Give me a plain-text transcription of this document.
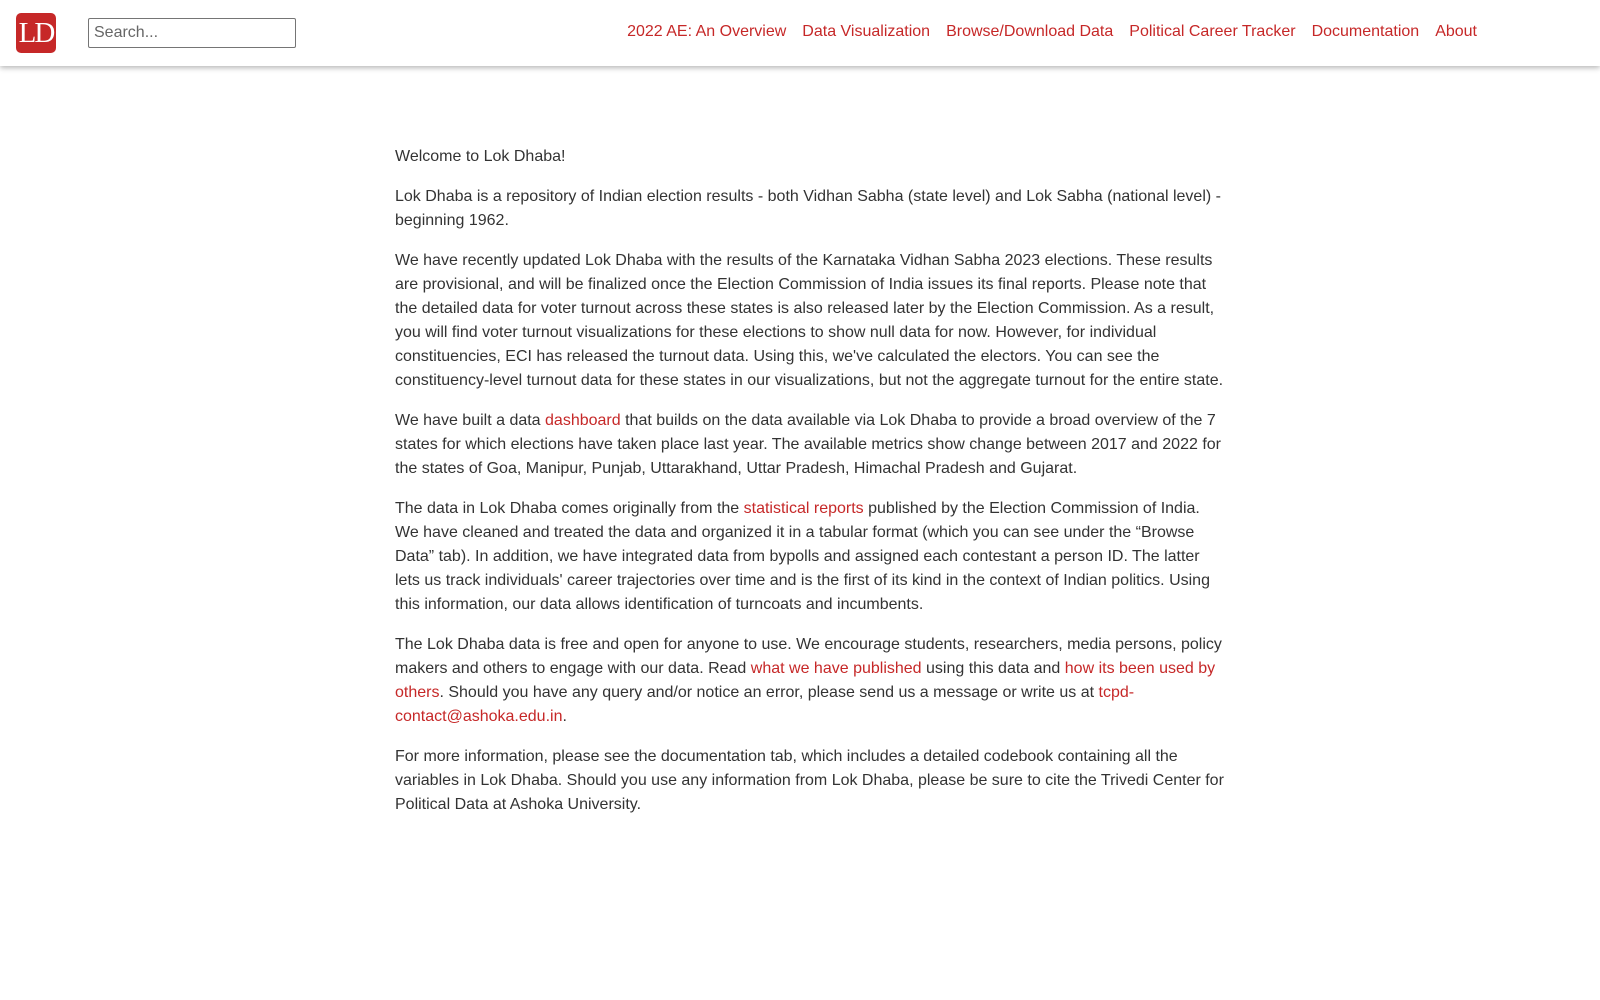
LD
Search...	2022 AE: An Overview Data Visualization Browse/Download Data Political Career Tracker Documentation About

Welcome to Lok Dhaba!

Lok Dhaba is a repository of Indian election results - both Vidhan Sabha (state level) and Lok Sabha (national level) - beginning 1962.

We have recently updated Lok Dhaba with the results of the Karnataka Vidhan Sabha 2023 elections. These results are provisional, and will be finalized once the Election Commission of India issues its final reports. Please note that the detailed data for voter turnout across these states is also released later by the Election Commission. As a result, you will find voter turnout visualizations for these elections to show null data for now. However, for individual constituencies, ECI has released the turnout data. Using this, we've calculated the electors. You can see the constituency-level turnout data for these states in our visualizations, but not the aggregate turnout for the entire state.

We have built a data dashboard that builds on the data available via Lok Dhaba to provide a broad overview of the 7 states for which elections have taken place last year. The available metrics show change between 2017 and 2022 for the states of Goa, Manipur, Punjab, Uttarakhand, Uttar Pradesh, Himachal Pradesh and Gujarat.

The data in Lok Dhaba comes originally from the statistical reports published by the Election Commission of India. We have cleaned and treated the data and organized it in a tabular format (which you can see under the “Browse Data” tab). In addition, we have integrated data from bypolls and assigned each contestant a person ID. The latter lets us track individuals' career trajectories over time and is the first of its kind in the context of Indian politics. Using this information, our data allows identification of turncoats and incumbents.

The Lok Dhaba data is free and open for anyone to use. We encourage students, researchers, media persons, policy makers and others to engage with our data. Read what we have published using this data and how its been used by others. Should you have any query and/or notice an error, please send us a message or write us at tcpd-contact@ashoka.edu.in.

For more information, please see the documentation tab, which includes a detailed codebook containing all the variables in Lok Dhaba. Should you use any information from Lok Dhaba, please be sure to cite the Trivedi Center for Political Data at Ashoka University.
